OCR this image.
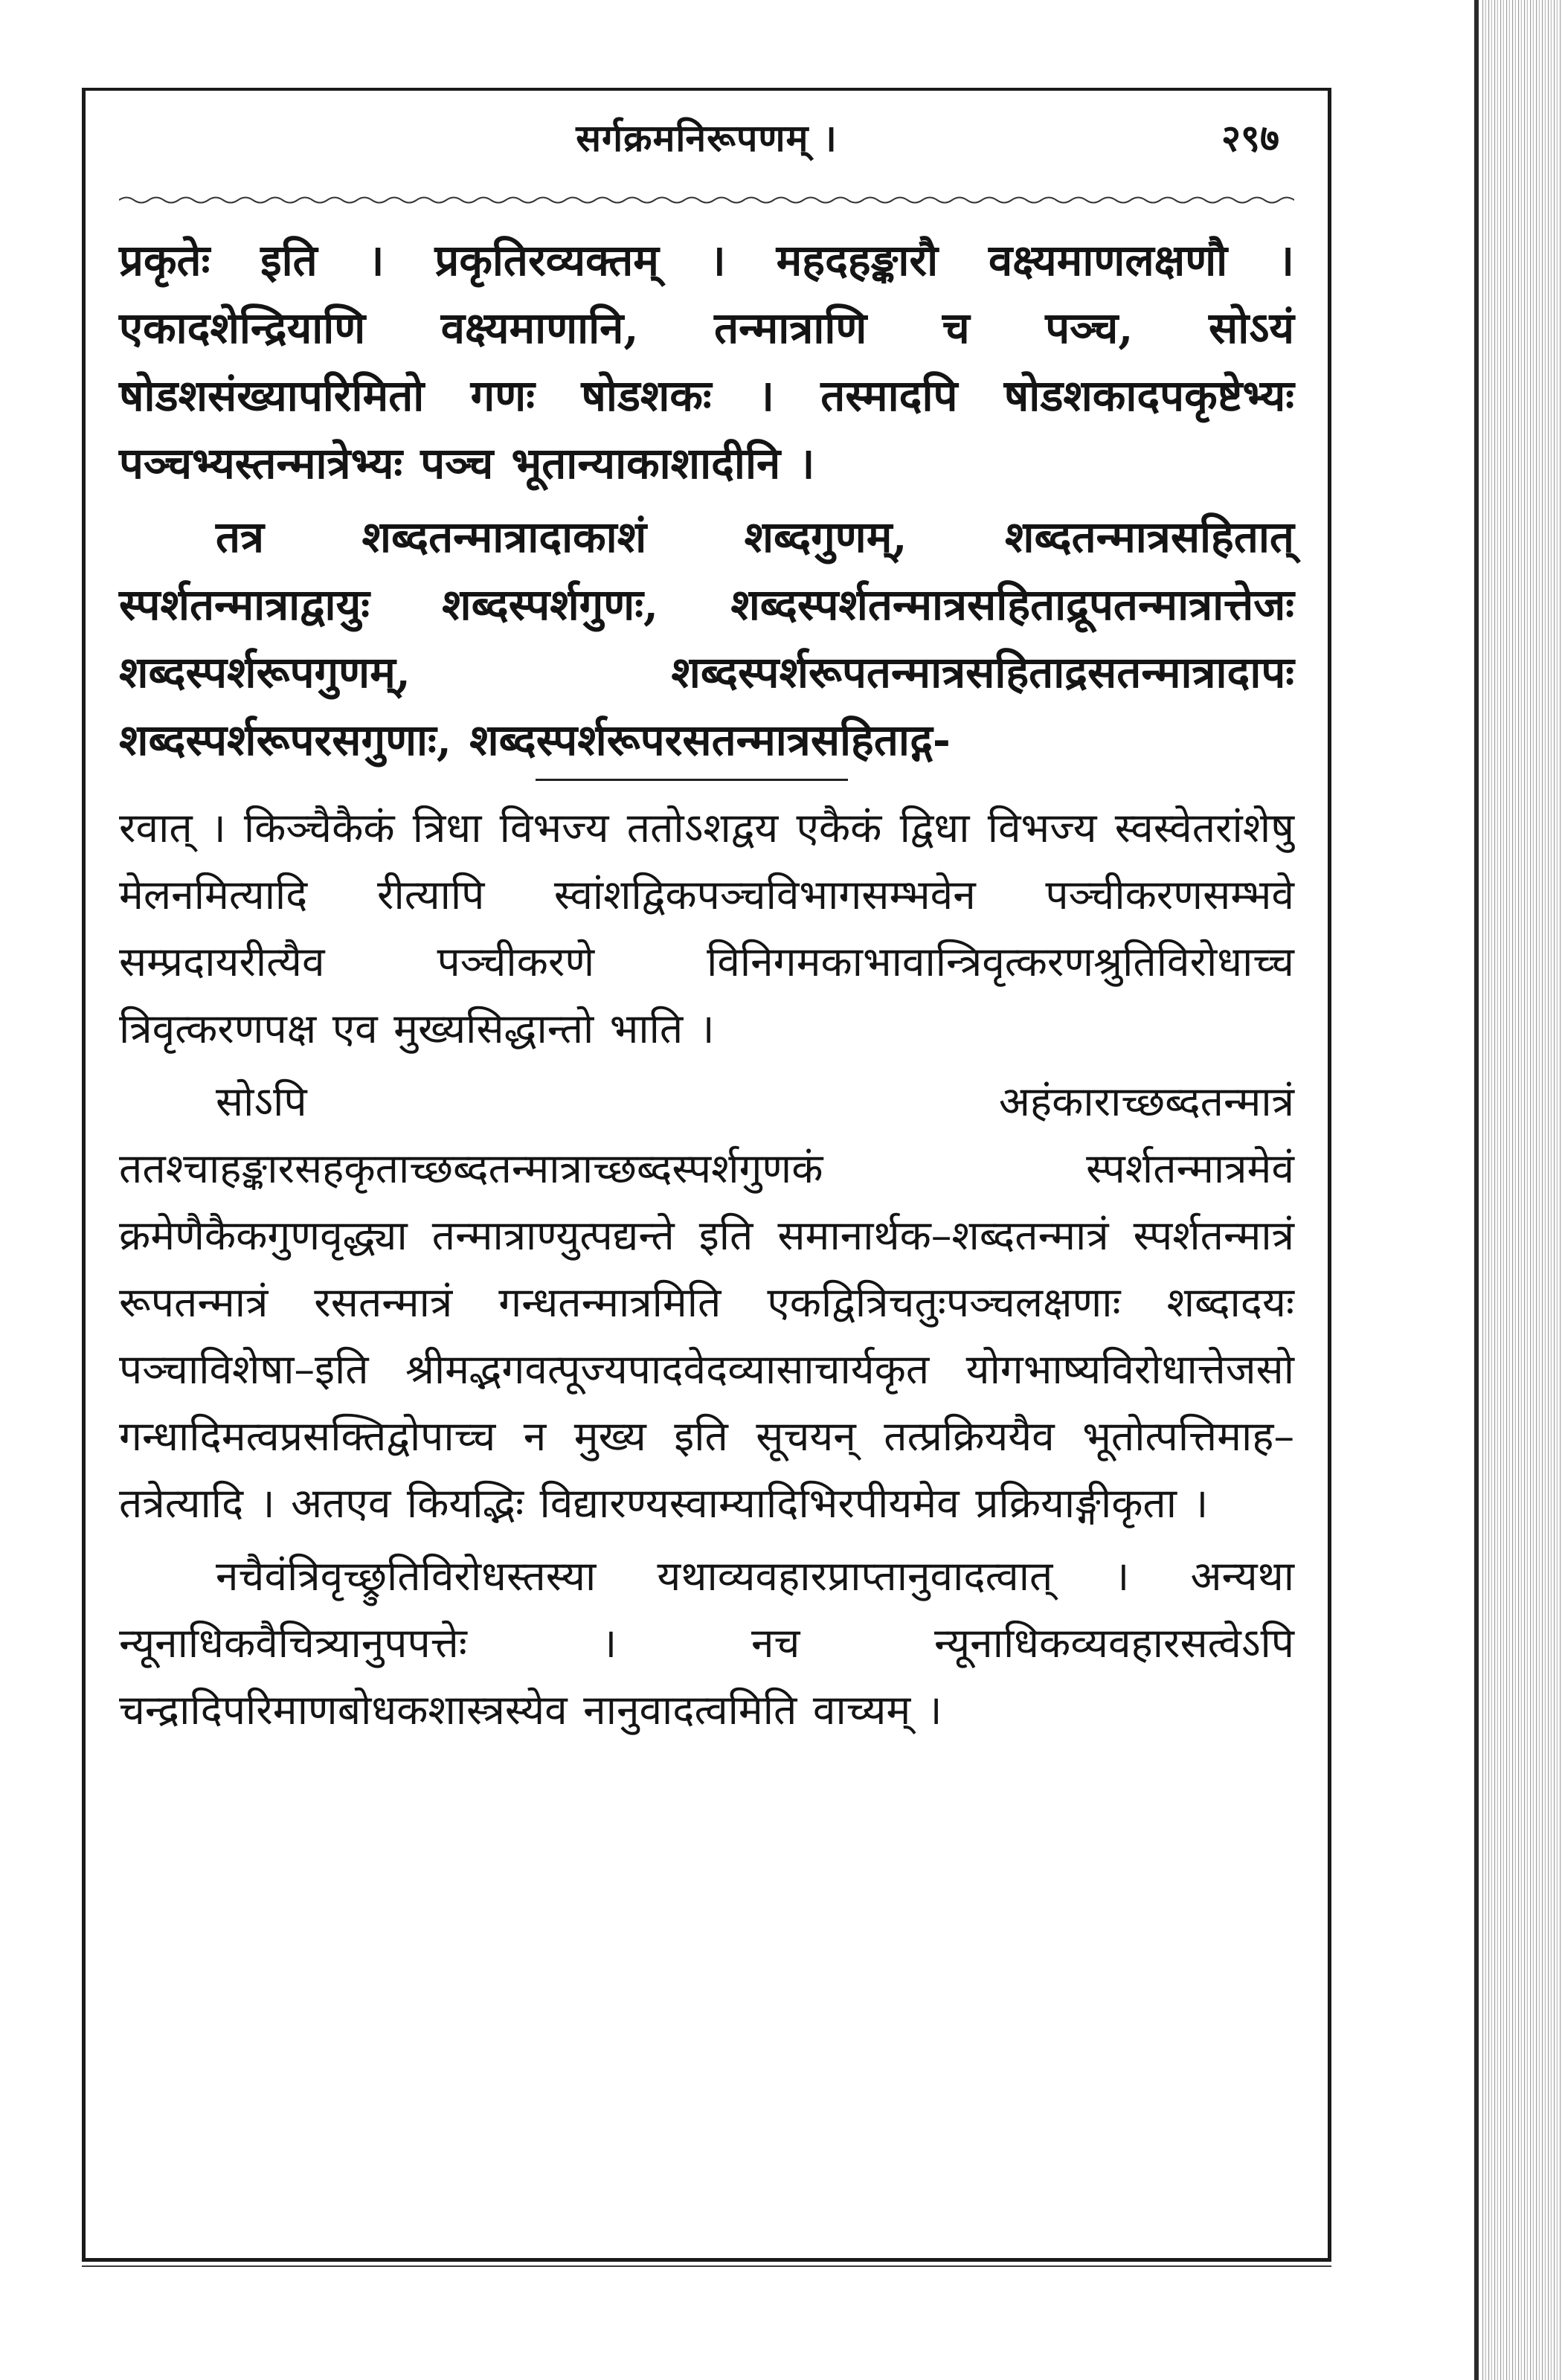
सर्गक्रमनिरूपणम् ।	२९७

प्रकृतेः इति । प्रकृतिरव्यक्तम् । महदहङ्कारौ वक्ष्यमाणलक्षणौ । एकादशेन्द्रियाणि वक्ष्यमाणानि, तन्मात्राणि च पञ्च, सोऽयं षोडशसंख्यापरिमितो गणः षोडशकः । तस्मादपि षोडशकादपकृष्टेभ्यः पञ्चभ्यस्तन्मात्रेभ्यः पञ्च भूतान्याकाशादीनि ।

तत्र शब्दतन्मात्रादाकाशं शब्दगुणम्, शब्दतन्मात्रसहितात् स्पर्शतन्मात्राद्वायुः शब्दस्पर्शगुणः, शब्दस्पर्शतन्मात्रसहिताद्रूपतन्मात्रात्तेजः शब्दस्पर्शरूपगुणम्, शब्दस्पर्शरूपतन्मात्रसहिताद्रसतन्मात्रादापः शब्दस्पर्शरूपरसगुणाः, शब्दस्पर्शरूपरसतन्मात्रसहिताद्ग-

रवात् । किञ्चैकैकं त्रिधा विभज्य ततोऽशद्वय एकैकं द्विधा विभज्य स्वस्वेतरांशेषु मेलनमित्यादि रीत्यापि स्वांशद्विकपञ्चविभागसम्भवेन पञ्चीकरणसम्भवे सम्प्रदायरीत्यैव पञ्चीकरणे विनिगमकाभावान्त्रिवृत्करणश्रुतिविरोधाच्च त्रिवृत्करणपक्ष एव मुख्यसिद्धान्तो भाति ।

सोऽपि अहंकाराच्छब्दतन्मात्रं ततश्चाहङ्कारसहकृताच्छब्दतन्मात्राच्छब्दस्पर्शगुणकं स्पर्शतन्मात्रमेवं क्रमेणैकैकगुणवृद्ध्या तन्मात्राण्युत्पद्यन्ते इति समानार्थक–शब्दतन्मात्रं स्पर्शतन्मात्रं रूपतन्मात्रं रसतन्मात्रं गन्धतन्मात्रमिति एकद्वित्रिचतुःपञ्चलक्षणाः शब्दादयः पञ्चाविशेषा–इति श्रीमद्भगवत्पूज्यपादवेदव्यासाचार्यकृत योगभाष्यविरोधात्तेजसो गन्धादिमत्वप्रसक्तिद्वोपाच्च न मुख्य इति सूचयन् तत्प्रक्रिययैव भूतोत्पत्तिमाह–तत्रेत्यादि । अतएव कियद्भिः विद्यारण्यस्वाम्यादिभिरपीयमेव प्रक्रियाङ्गीकृता ।

नचैवंत्रिवृच्छ्रुतिविरोधस्तस्या यथाव्यवहारप्राप्तानुवादत्वात् । अन्यथा न्यूनाधिकवैचित्र्यानुपपत्तेः । नच न्यूनाधिकव्यवहारसत्वेऽपि चन्द्रादिपरिमाणबोधकशास्त्रस्येव नानुवादत्वमिति वाच्यम् ।
